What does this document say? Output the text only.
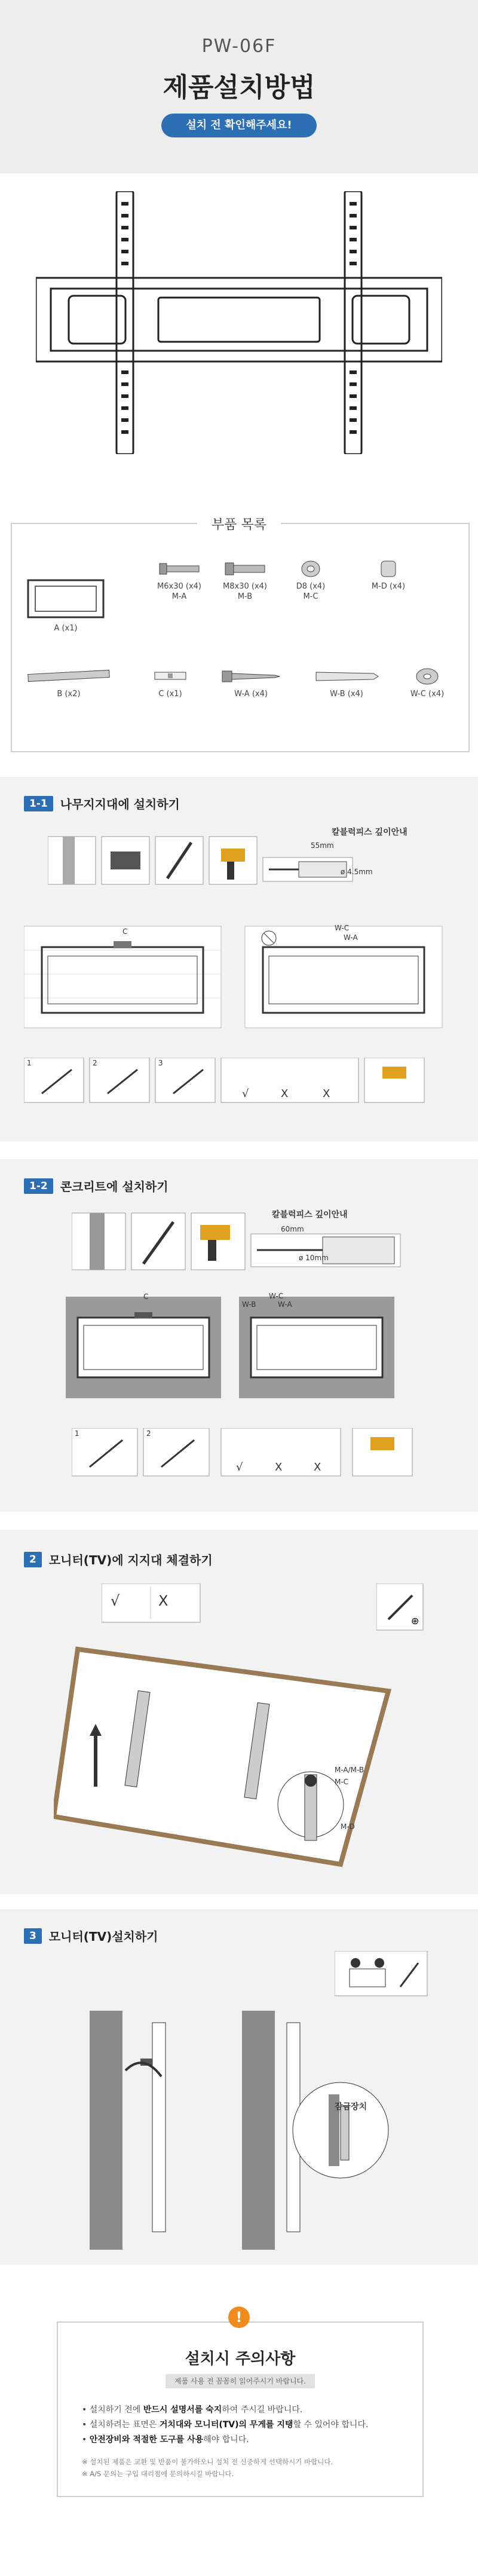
PW-06F
제품설치방법
설치 전 확인해주세요!
부품 목록
A (x1)
M6x30 (x4)
M-A
M8x30 (x4)
M-B
D8 (x4)
M-C
M-D (x4)
B (x2)	C (x1)	W-A (x4)	W-B (x4)	W-C (x4)
1-1	나무지지대에 설치하기
칼블럭피스 깊이안내
55mm
ø 4.5mm
C	W-C
W-A
1	2	3
√	X	X
1-2	콘크리트에 설치하기
칼블럭피스 깊이안내
60mm
ø 10mm
C
W-B
W-C
W-A
1	2
√	X	X
2	모니터(TV)에 지지대 체결하기
√	X
⊕
M-A/M-B
M-C
M-D
3	모니터(TV)설치하기
잠금장치
설치시 주의사항
제품 사용 전 꼼꼼히 읽어주시기 바랍니다.
• 설치하기 전에 반드시 설명서를 숙지하여 주시길 바랍니다.
• 설치하려는 표면은 거치대와 모니터(TV)의 무게를 지탱할 수 있어야 합니다.
• 안전장비와 적절한 도구를 사용해야 합니다.
※ 설치된 제품은 교환 및 반품이 불가하오니 설치 전 신중하게 선택하시기 바랍니다.
※ A/S 문의는 구입 대리점에 문의하시길 바랍니다.
!
